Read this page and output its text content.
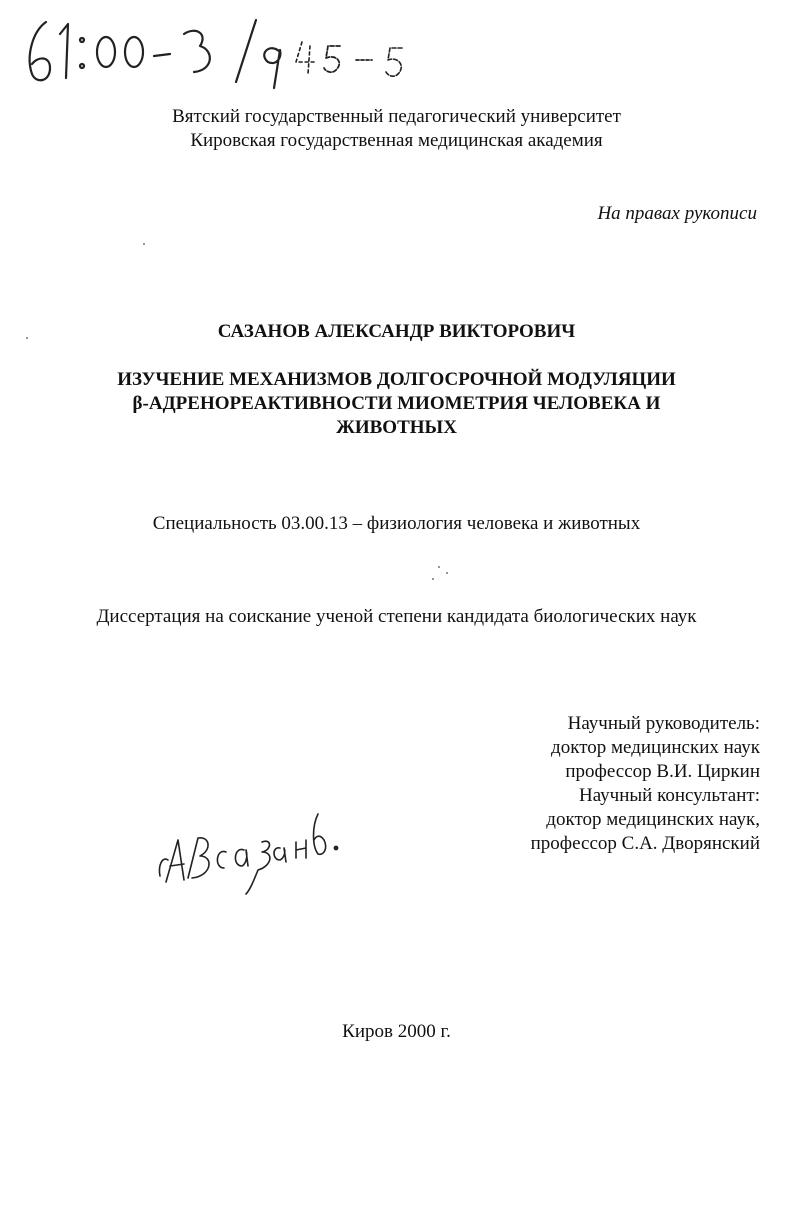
Вятский государственный педагогический университет
Кировская государственная медицинская академия
На правах рукописи
САЗАНОВ АЛЕКСАНДР ВИКТОРОВИЧ
ИЗУЧЕНИЕ МЕХАНИЗМОВ ДОЛГОСРОЧНОЙ МОДУЛЯЦИИ
β-АДРЕНОРЕАКТИВНОСТИ МИОМЕТРИЯ ЧЕЛОВЕКА И
ЖИВОТНЫХ
Специальность 03.00.13 – физиология человека и животных
Диссертация на соискание ученой степени кандидата биологических наук
Научный руководитель:
доктор медицинских наук
профессор В.И. Циркин
Научный консультант:
доктор медицинских наук,
профессор С.А. Дворянский
Киров 2000 г.
